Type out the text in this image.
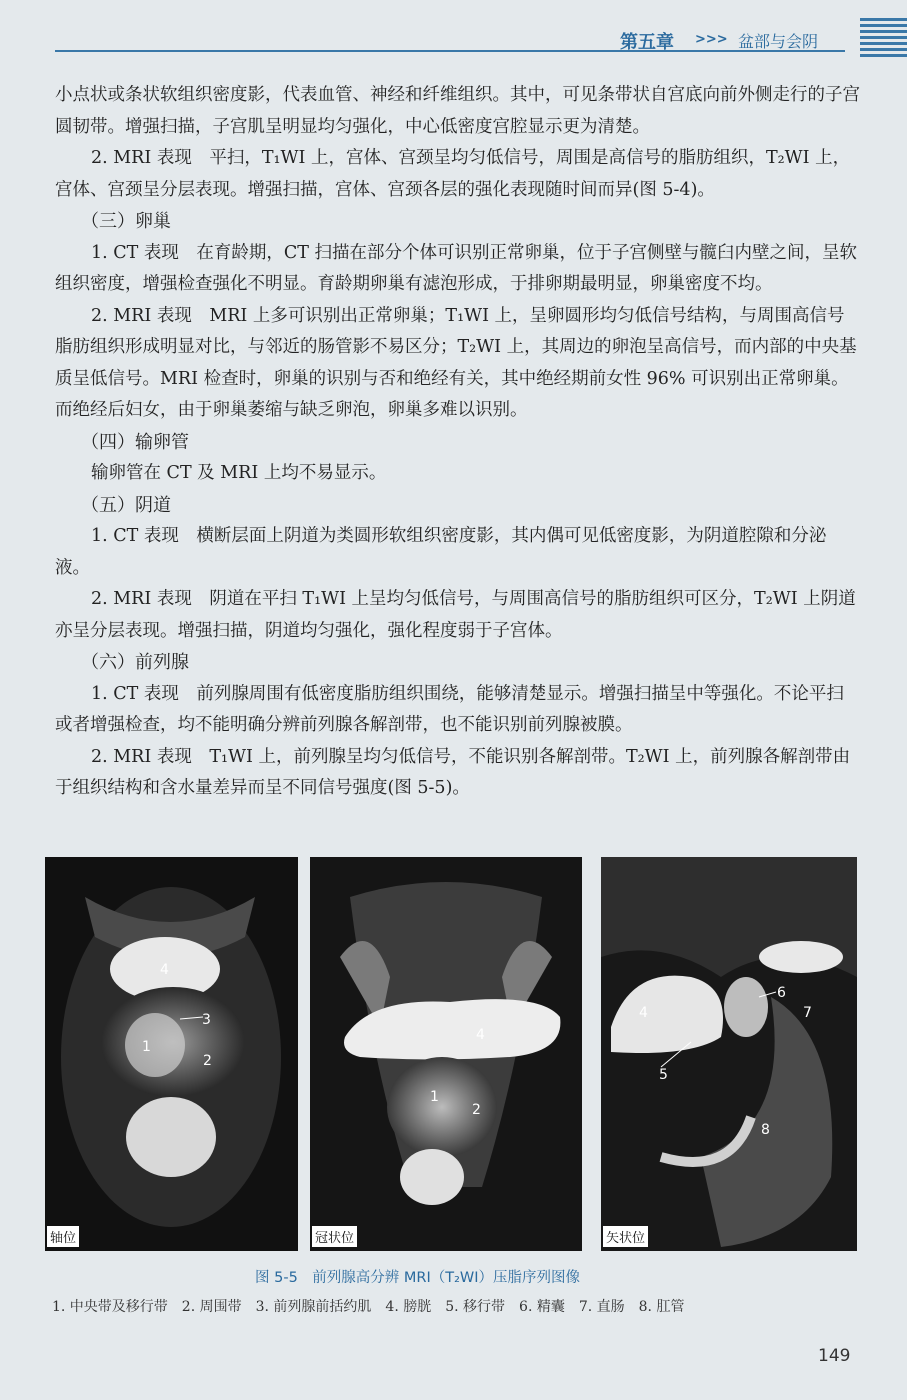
第五章 >>> 盆部与会阴

小点状或条状软组织密度影，代表血管、神经和纤维组织。其中，可见条带状自宫底向前外侧走行的子宫圆韧带。增强扫描，子宫肌呈明显均匀强化，中心低密度宫腔显示更为清楚。

2. MRI 表现　平扫，T₁WI 上，宫体、宫颈呈均匀低信号，周围是高信号的脂肪组织，T₂WI 上，宫体、宫颈呈分层表现。增强扫描，宫体、宫颈各层的强化表现随时间而异(图 5-4)。

（三）卵巢

1. CT 表现　在育龄期，CT 扫描在部分个体可识别正常卵巢，位于子宫侧壁与髋臼内壁之间，呈软组织密度，增强检查强化不明显。育龄期卵巢有滤泡形成，于排卵期最明显，卵巢密度不均。

2. MRI 表现　MRI 上多可识别出正常卵巢；T₁WI 上，呈卵圆形均匀低信号结构，与周围高信号脂肪组织形成明显对比，与邻近的肠管影不易区分；T₂WI 上，其周边的卵泡呈高信号，而内部的中央基质呈低信号。MRI 检查时，卵巢的识别与否和绝经有关，其中绝经期前女性 96% 可识别出正常卵巢。而绝经后妇女，由于卵巢萎缩与缺乏卵泡，卵巢多难以识别。

（四）输卵管

输卵管在 CT 及 MRI 上均不易显示。

（五）阴道

1. CT 表现　横断层面上阴道为类圆形软组织密度影，其内偶可见低密度影，为阴道腔隙和分泌液。

2. MRI 表现　阴道在平扫 T₁WI 上呈均匀低信号，与周围高信号的脂肪组织可区分，T₂WI 上阴道亦呈分层表现。增强扫描，阴道均匀强化，强化程度弱于子宫体。

（六）前列腺

1. CT 表现　前列腺周围有低密度脂肪组织围绕，能够清楚显示。增强扫描呈中等强化。不论平扫或者增强检查，均不能明确分辨前列腺各解剖带，也不能识别前列腺被膜。

2. MRI 表现　T₁WI 上，前列腺呈均匀低信号，不能识别各解剖带。T₂WI 上，前列腺各解剖带由于组织结构和含水量差异而呈不同信号强度(图 5-5)。

4
3
1
2
轴位
4
1
2
冠状位
4
6
7
5
8
矢状位
图 5-5　前列腺高分辨 MRI（T₂WI）压脂序列图像
1. 中央带及移行带　2. 周围带　3. 前列腺前括约肌　4. 膀胱　5. 移行带　6. 精囊　7. 直肠　8. 肛管
149
